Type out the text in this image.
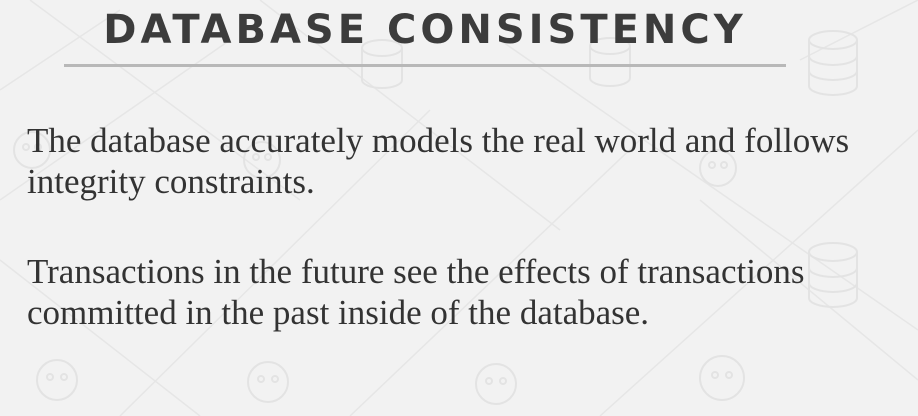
DATABASE CONSISTENCY

The database accurately models the real world and follows integrity constraints.

Transactions in the future see the effects of transactions committed in the past inside of the database.
